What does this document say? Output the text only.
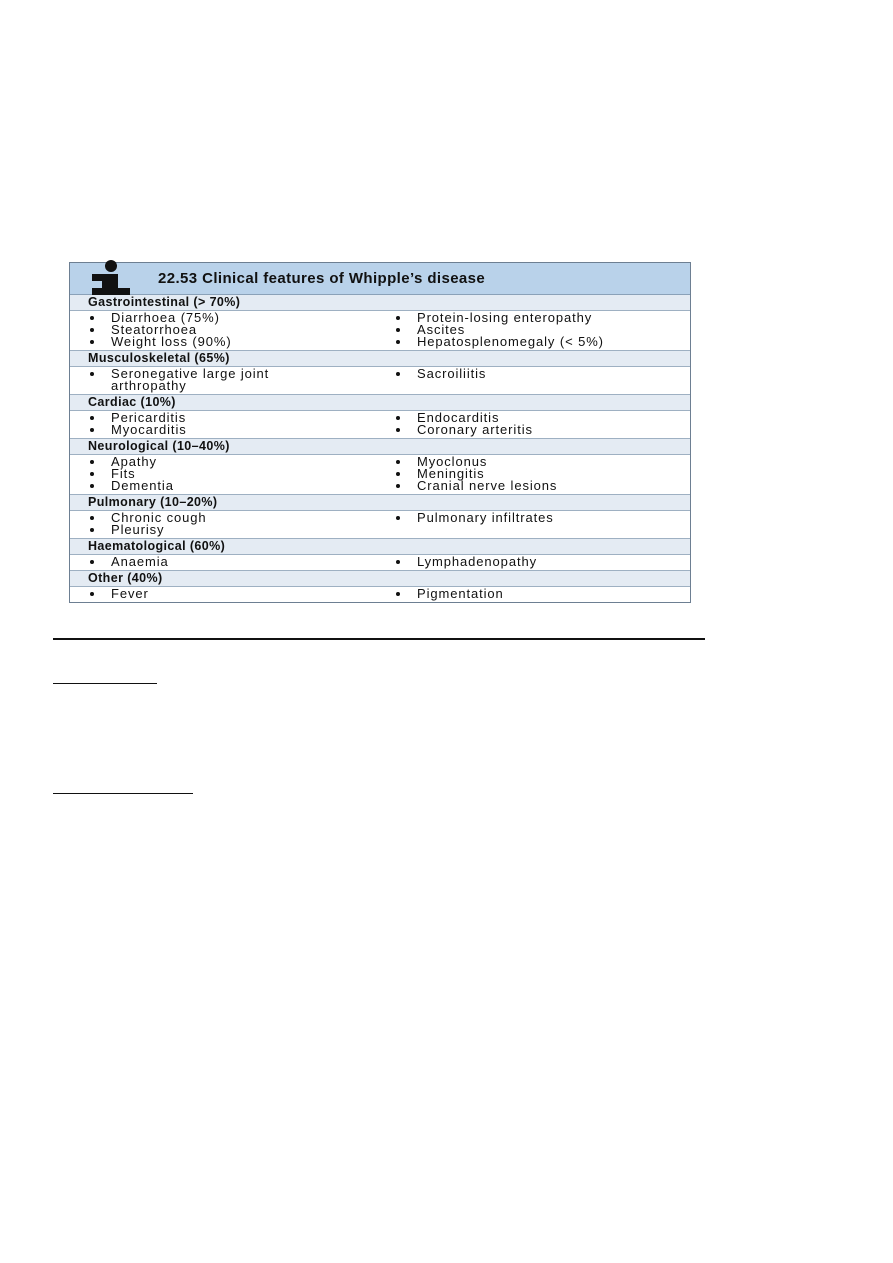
22.53 Clinical features of Whipple’s disease
Gastrointestinal (> 70%)
Diarrhoea (75%)
Steatorrhoea
Weight loss (90%)
Protein-losing enteropathy
Ascites
Hepatosplenomegaly (< 5%)
Musculoskeletal (65%)
Seronegative large joint
arthropathy
Sacroiliitis
Cardiac (10%)
Pericarditis
Myocarditis
Endocarditis
Coronary arteritis
Neurological (10–40%)
Apathy
Fits
Dementia
Myoclonus
Meningitis
Cranial nerve lesions
Pulmonary (10–20%)
Chronic cough
Pleurisy
Pulmonary infiltrates
Haematological (60%)
Anaemia	Lymphadenopathy
Other (40%)
Fever	Pigmentation
